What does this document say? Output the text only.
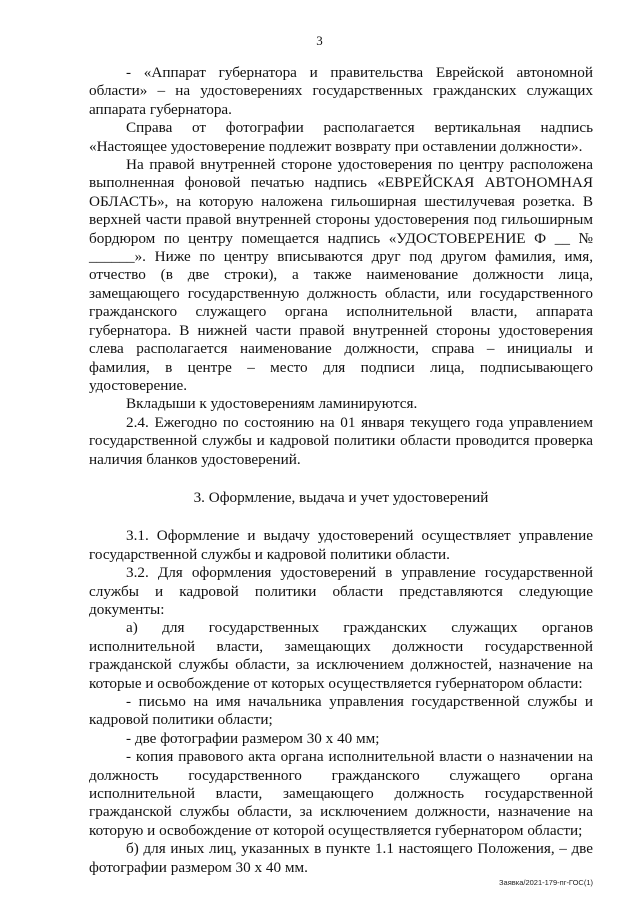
3

- «Аппарат губернатора и правительства Еврейской автономной области» – на удостоверениях государственных гражданских служащих аппарата губернатора.

Справа от фотографии располагается вертикальная надпись «Настоящее удостоверение подлежит возврату при оставлении должности».

На правой внутренней стороне удостоверения по центру расположена выполненная фоновой печатью надпись «ЕВРЕЙСКАЯ АВТОНОМНАЯ ОБЛАСТЬ», на которую наложена гильоширная шестилучевая розетка. В верхней части правой внутренней стороны удостоверения под гильоширным бордюром по центру помещается надпись «УДОСТОВЕРЕНИЕ Ф __ № ______». Ниже по центру вписываются друг под другом фамилия, имя, отчество (в две строки), а также наименование должности лица, замещающего государственную должность области, или государственного гражданского служащего органа исполнительной власти, аппарата губернатора. В нижней части правой внутренней стороны удостоверения слева располагается наименование должности, справа – инициалы и фамилия, в центре – место для подписи лица, подписывающего удостоверение.

Вкладыши к удостоверениям ламинируются.

2.4. Ежегодно по состоянию на 01 января текущего года управлением государственной службы и кадровой политики области проводится проверка наличия бланков удостоверений.

3. Оформление, выдача и учет удостоверений

3.1. Оформление и выдачу удостоверений осуществляет управление государственной службы и кадровой политики области.

3.2. Для оформления удостоверений в управление государственной службы и кадровой политики области представляются следующие документы:

а) для государственных гражданских служащих органов исполнительной власти, замещающих должности государственной гражданской службы области, за исключением должностей, назначение на которые и освобождение от которых осуществляется губернатором области:

- письмо на имя начальника управления государственной службы и кадровой политики области;

- две фотографии размером 30 х 40 мм;

- копия правового акта органа исполнительной власти о назначении на должность государственного гражданского служащего органа исполнительной власти, замещающего должность государственной гражданской службы области, за исключением должности, назначение на которую и освобождение от которой осуществляется губернатором области;

б) для иных лиц, указанных в пункте 1.1 настоящего Положения, – две фотографии размером 30 х 40 мм.

Заявка/2021-179-пг-ГОС(1)
